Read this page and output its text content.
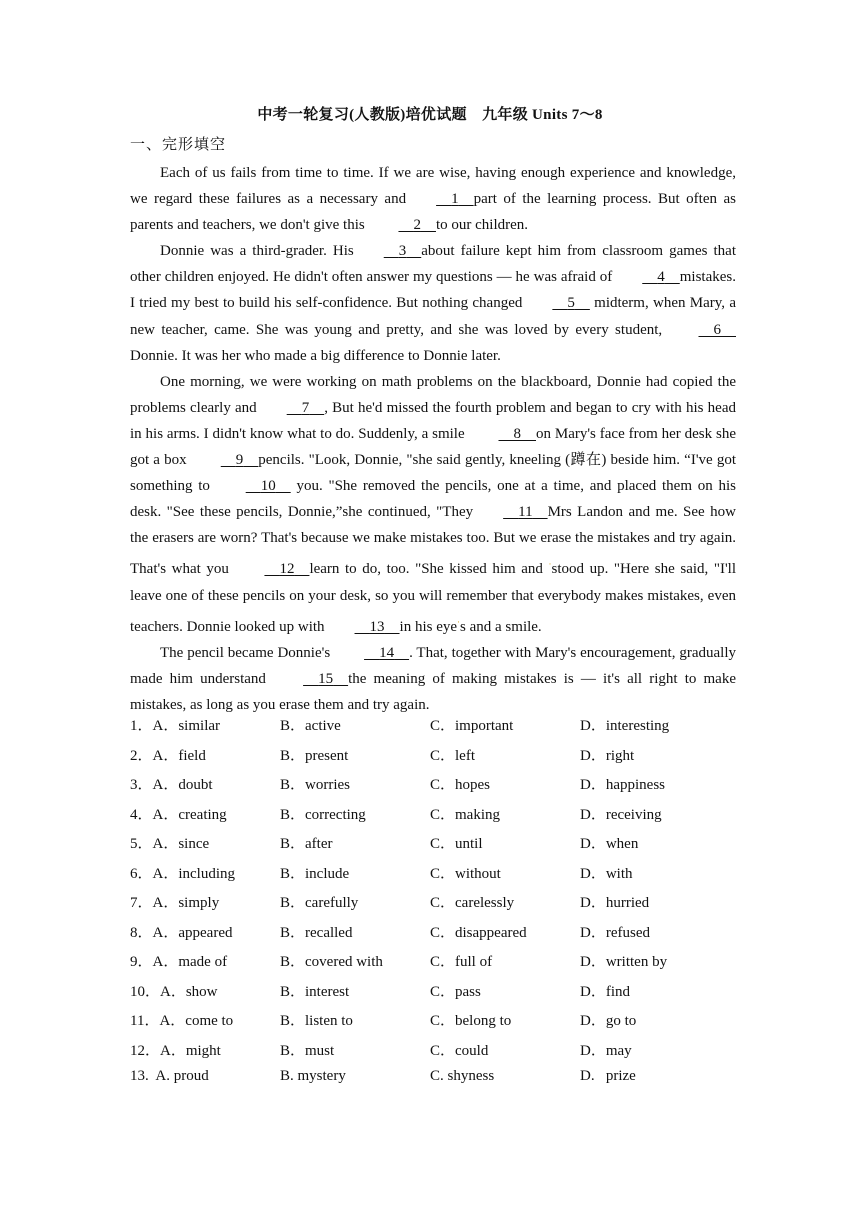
中考一轮复习(人教版)培优试题　九年级 Units 7～8
一、完形填空

Each of us fails from time to time. If we are wise, having enough experience and knowledge, we regard these failures as a necessary and	1 part of the learning process. But often as parents and teachers, we don't give this	2 to our children.

Donnie was a third-grader. His	3 about failure kept him from classroom games that other children enjoyed. He didn't often answer my questions — he was afraid of	4 mistakes. I tried my best to build his self-confidence. But nothing changed	5 midterm, when Mary, a new teacher, came. She was young and pretty, and she was loved by every student,	6 Donnie. It was her who made a big difference to Donnie later.

One morning, we were working on math problems on the blackboard, Donnie had copied the problems clearly and	7 , But he'd missed the fourth problem and began to cry with his head in his arms. I didn't know what to do. Suddenly, a smile	8 on Mary's face from her desk she got a box	9 pencils. "Look, Donnie, "she said gently, kneeling (蹲在) beside him. “I've got something to	10 you. "She removed the pencils, one at a time, and placed them on his desk. "See these pencils, Donnie,”she continued, "They	11 Mrs Landon and me. See how the erasers are worn? That's because we make mistakes too. But we erase the mistakes and try again. That's what you	12 learn to do, too. "She kissed him and ·stood up. "Here she said, "I'll leave one of these pencils on your desk, so you will remember that everybody makes mistakes, even teachers. Donnie looked up with	13 in his eye·s and a smile.

The pencil became Donnie's	14 . That, together with Mary's encouragement, gradually made him understand	15 the meaning of making mistakes is — it's all right to make mistakes, as long as you erase them and try again.

1．A．similar	B．active	C．important	D．interesting
2．A．field	B．present	C．left	D．right
3．A．doubt	B．worries	C．hopes	D．happiness
4．A．creating	B．correcting	C．making	D．receiving
5．A．since	B．after	C．until	D．when
6．A．including	B．include	C．without	D．with
7．A．simply	B．carefully	C．carelessly	D．hurried
8．A．appeared	B．recalled	C．disappeared	D．refused
9．A．made of	B．covered with	C．full of	D．written by
10．A．show	B．interest	C．pass	D．find
11．A．come to	B．listen to	C．belong to	D．go to
12．A．might	B．must	C．could	D．may
13.  A. proud	B. mystery	C. shyness	D.   prize
